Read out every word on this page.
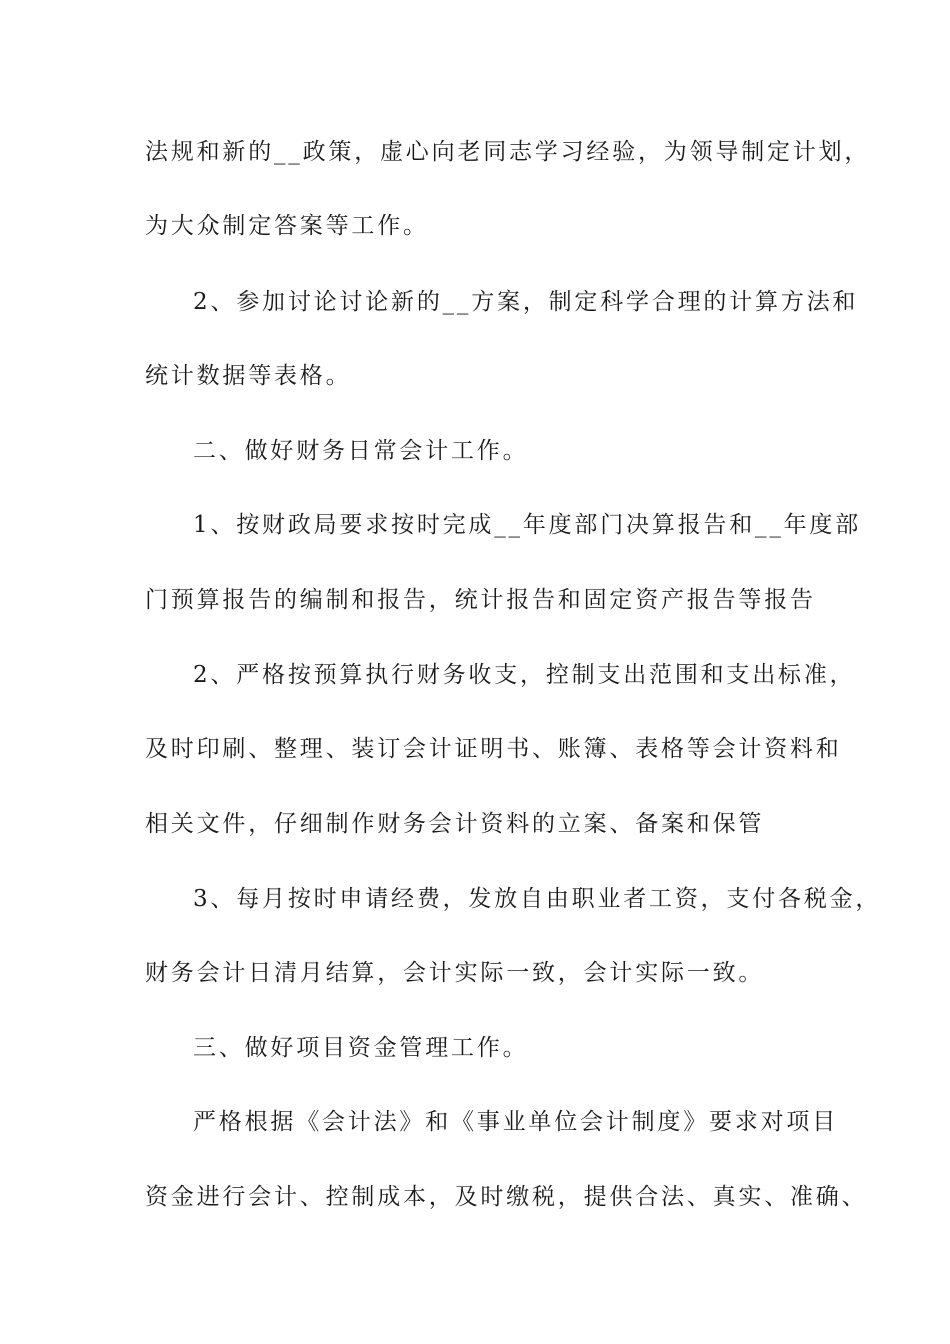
法规和新的__政策，虚心向老同志学习经验，为领导制定计划，
为大众制定答案等工作。
2、参加讨论讨论新的__方案，制定科学合理的计算方法和
统计数据等表格。
二、做好财务日常会计工作。
1、按财政局要求按时完成__年度部门决算报告和__年度部
门预算报告的编制和报告，统计报告和固定资产报告等报告
2、严格按预算执行财务收支，控制支出范围和支出标准，
及时印刷、整理、装订会计证明书、账簿、表格等会计资料和
相关文件，仔细制作财务会计资料的立案、备案和保管
3、每月按时申请经费，发放自由职业者工资，支付各税金，
财务会计日清月结算，会计实际一致，会计实际一致。
三、做好项目资金管理工作。
严格根据《会计法》和《事业单位会计制度》要求对项目
资金进行会计、控制成本，及时缴税，提供合法、真实、准确、
